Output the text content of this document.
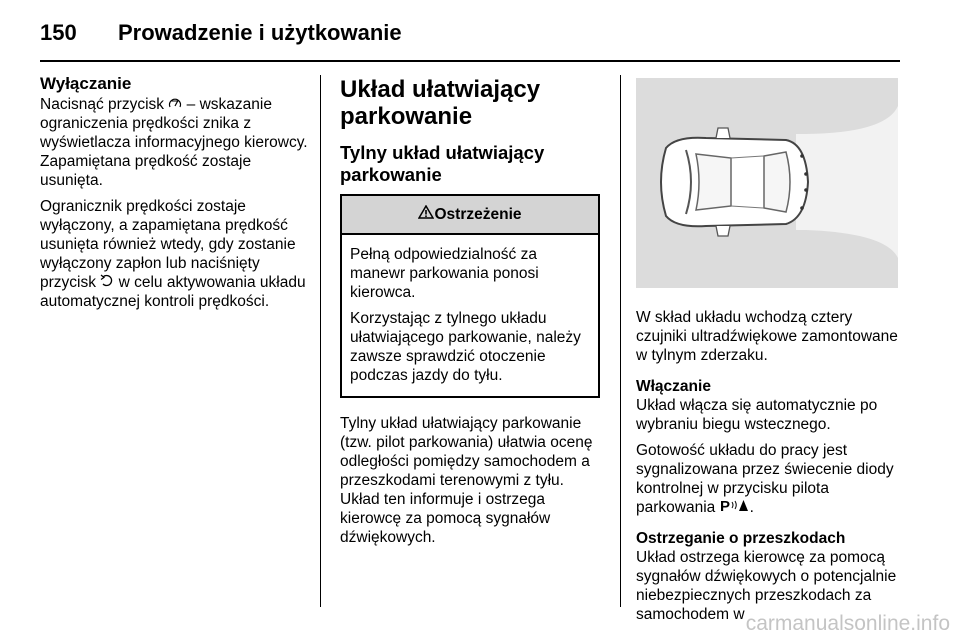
150 Prowadzenie i użytkowanie
Wyłączanie

Nacisnąć przycisk  – wskazanie ograniczenia prędkości znika z wyświetlacza informacyjnego kierowcy. Zapamiętana prędkość zostaje usunięta.

Ogranicznik prędkości zostaje wyłączony, a zapamiętana prędkość usunięta również wtedy, gdy zostanie wyłączony zapłon lub naciśnięty przycisk  w celu aktywowania układu automatycznej kontroli prędkości.

Układ ułatwiający parkowanie
Tylny układ ułatwiający parkowanie
Ostrzeżenie

Pełną odpowiedzialność za manewr parkowania ponosi kierowca.

Korzystając z tylnego układu ułatwiającego parkowanie, należy zawsze sprawdzić otoczenie podczas jazdy do tyłu.

Tylny układ ułatwiający parkowanie (tzw. pilot parkowania) ułatwia ocenę odległości pomiędzy samochodem a przeszkodami terenowymi z tyłu. Układ ten informuje i ostrzega kierowcę za pomocą sygnałów dźwiękowych.

W skład układu wchodzą cztery czujniki ultradźwiękowe zamontowane w tylnym zderzaku.

Włączanie

Układ włącza się automatycznie po wybraniu biegu wstecznego.

Gotowość układu do pracy jest sygnalizowana przez świecenie diody kontrolnej w przycisku pilota parkowania P .

Ostrzeganie o przeszkodach

Układ ostrzega kierowcę za pomocą sygnałów dźwiękowych o potencjalnie niebezpiecznych przeszkodach za samochodem w carmanualsonline.info
